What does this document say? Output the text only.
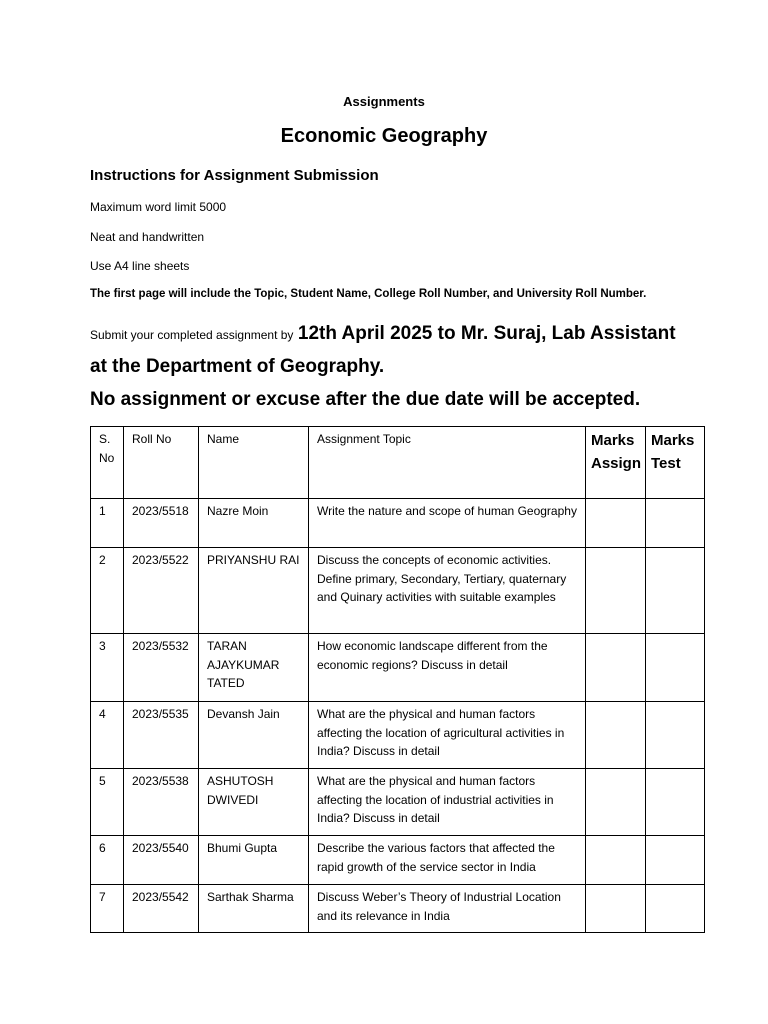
Assignments
Economic Geography
Instructions for Assignment Submission
Maximum word limit 5000
Neat and handwritten
Use A4 line sheets
The first page will include the Topic, Student Name, College Roll Number, and University Roll Number.
Submit your completed assignment by 12th April 2025 to Mr. Suraj, Lab Assistant at the Department of Geography.
No assignment or excuse after the due date will be accepted.
S. No	Roll No	Name	Assignment Topic	Marks Assign	Marks Test
1	2023/5518	Nazre Moin	Write the nature and scope of human Geography		
2	2023/5522	PRIYANSHU RAI	Discuss the concepts of economic activities. Define primary, Secondary, Tertiary, quaternary and Quinary activities with suitable examples		
3	2023/5532	TARAN AJAYKUMAR TATED	How economic landscape different from the economic regions? Discuss in detail		
4	2023/5535	Devansh Jain	What are the physical and human factors affecting the location of agricultural activities in India? Discuss in detail		
5	2023/5538	ASHUTOSH DWIVEDI	What are the physical and human factors affecting the location of industrial activities in India? Discuss in detail		
6	2023/5540	Bhumi Gupta	Describe the various factors that affected the rapid growth of the service sector in India		
7	2023/5542	Sarthak Sharma	Discuss Weber’s Theory of Industrial Location and its relevance in India		
